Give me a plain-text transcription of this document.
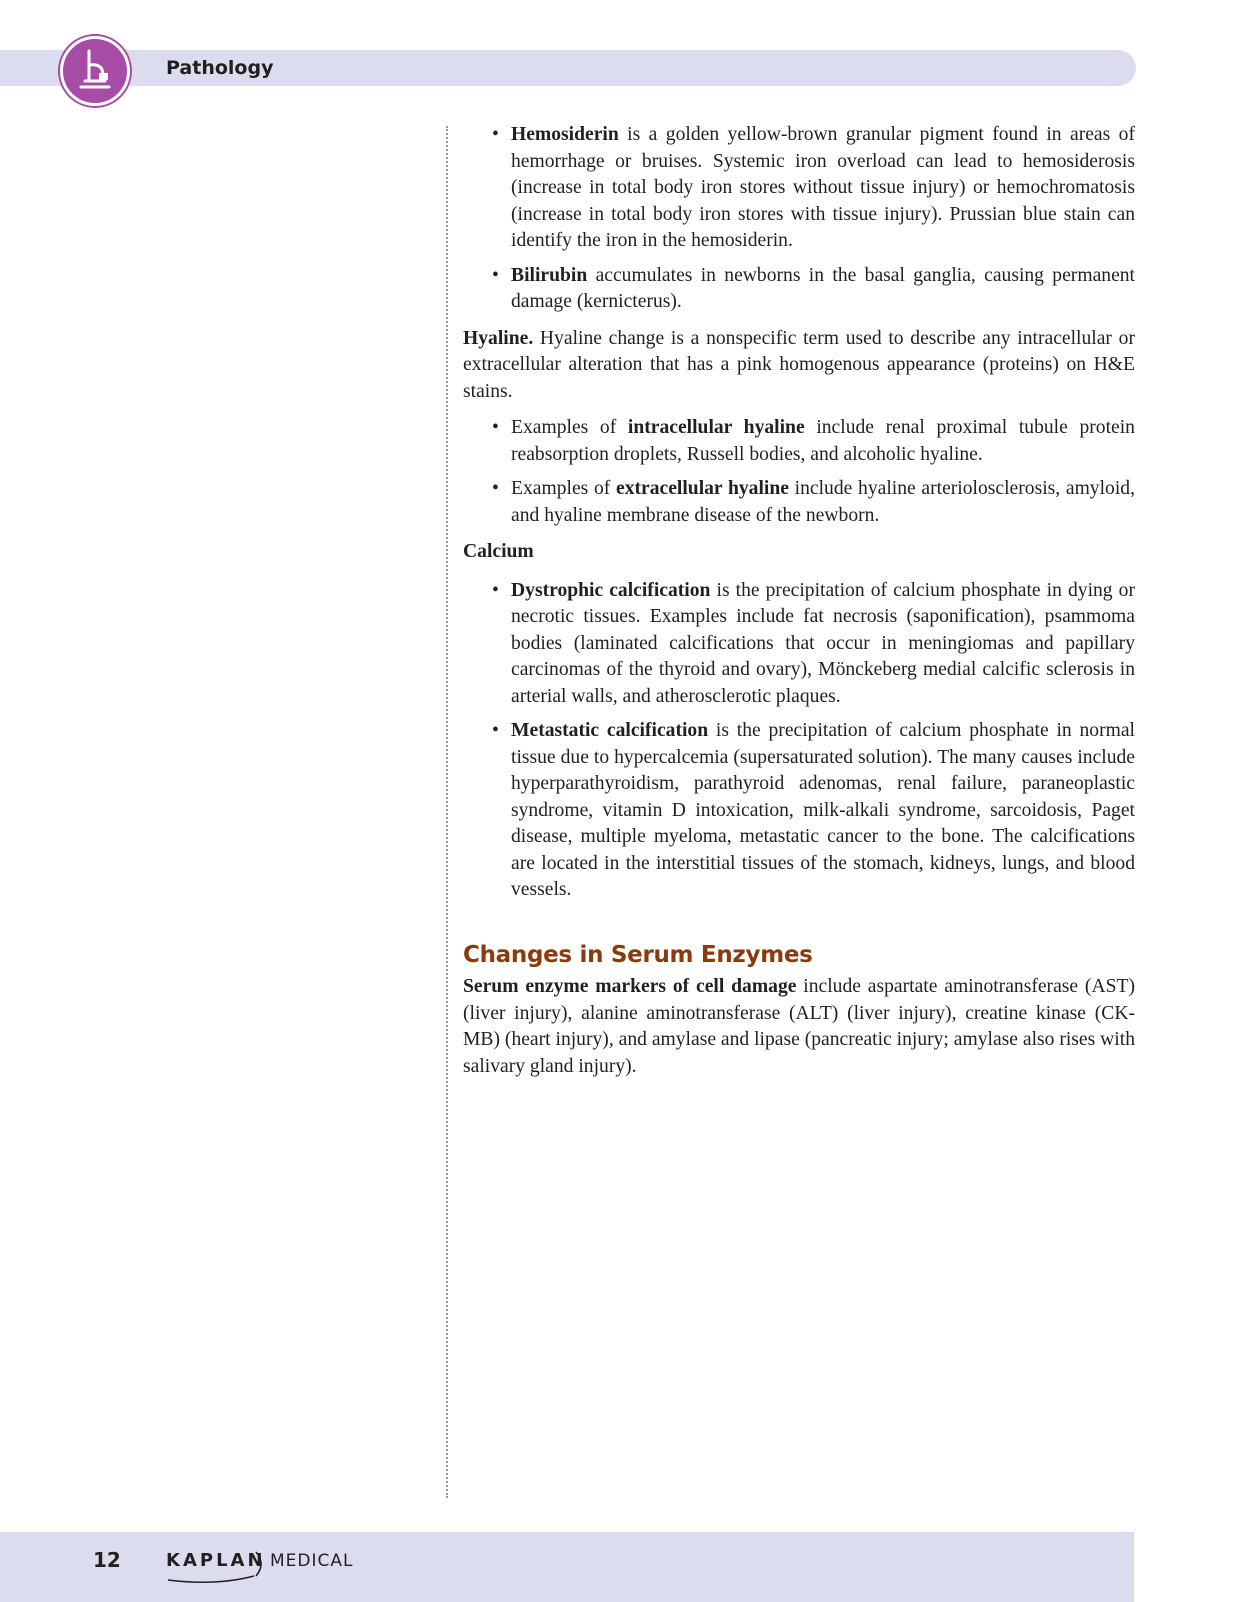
Pathology
• Hemosiderin is a golden yellow-brown granular pigment found in areas of hemorrhage or bruises. Systemic iron overload can lead to hemosiderosis (increase in total body iron stores without tissue injury) or hemochromatosis (increase in total body iron stores with tissue injury). Prussian blue stain can identify the iron in the hemosiderin.
• Bilirubin accumulates in newborns in the basal ganglia, causing permanent damage (kernicterus).

Hyaline. Hyaline change is a nonspecific term used to describe any intracellular or extracellular alteration that has a pink homogenous appearance (proteins) on H&E stains.

• Examples of intracellular hyaline include renal proximal tubule protein reabsorption droplets, Russell bodies, and alcoholic hyaline.
• Examples of extracellular hyaline include hyaline arteriolosclerosis, amyloid, and hyaline membrane disease of the newborn.
Calcium
• Dystrophic calcification is the precipitation of calcium phosphate in dying or necrotic tissues. Examples include fat necrosis (saponification), psammoma bodies (laminated calcifications that occur in meningiomas and papillary carcinomas of the thyroid and ovary), Mönckeberg medial calcific sclerosis in arterial walls, and atherosclerotic plaques.
• Metastatic calcification is the precipitation of calcium phosphate in normal tissue due to hypercalcemia (supersaturated solution). The many causes include hyperparathyroidism, parathyroid adenomas, renal failure, paraneoplastic syndrome, vitamin D intoxication, milk-alkali syndrome, sarcoidosis, Paget disease, multiple myeloma, metastatic cancer to the bone. The calcifications are located in the interstitial tissues of the stomach, kidneys, lungs, and blood vessels.
Changes in Serum Enzymes

Serum enzyme markers of cell damage include aspartate aminotransferase (AST) (liver injury), alanine aminotransferase (ALT) (liver injury), creatine kinase (CK-MB) (heart injury), and amylase and lipase (pancreatic injury; amylase also rises with salivary gland injury).

12	KAPLAN MEDICAL
